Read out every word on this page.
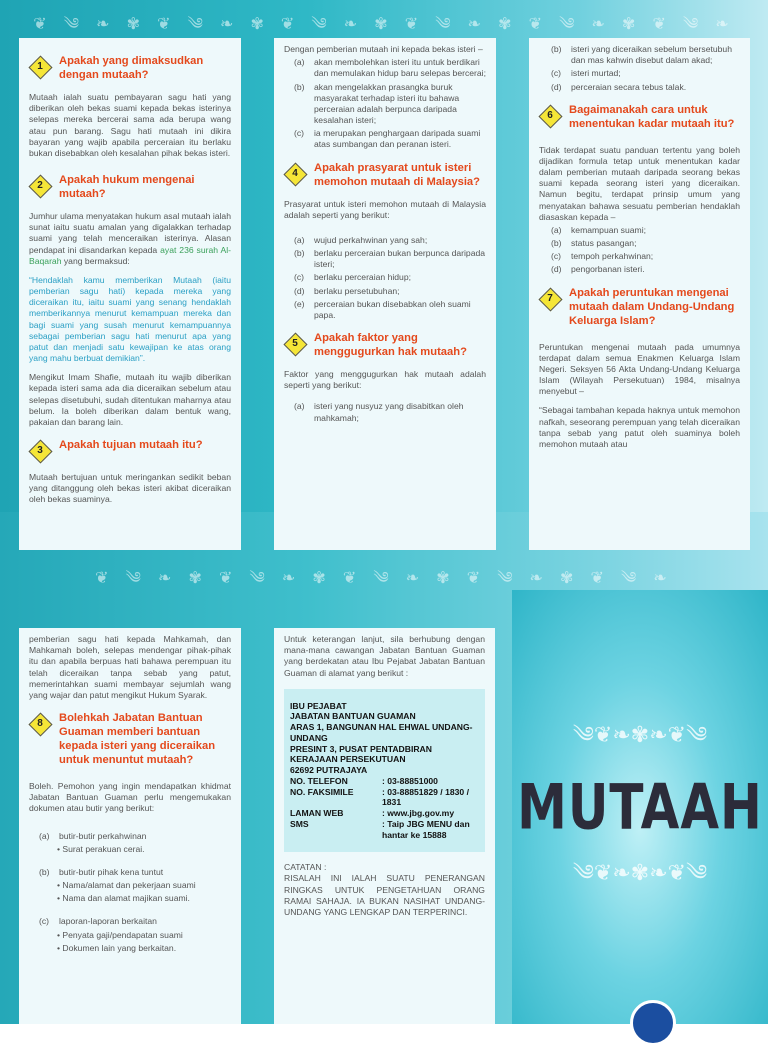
❦ ༄ ❧ ✾ ❦ ༄ ❧ ✾ ❦ ༄ ❧ ✾ ❦ ༄ ❧ ✾ ❦ ༄ ❧ ✾ ❦ ༄ ❧
❦ ༄ ❧ ✾ ❦ ༄ ❧ ✾ ❦ ༄ ❧ ✾ ❦ ༄ ❧ ✾ ❦ ༄ ❧
1	Apakah yang dimaksudkan dengan mutaah?

Mutaah ialah suatu pembayaran sagu hati yang diberikan oleh bekas suami kepada bekas isterinya selepas mereka bercerai sama ada berupa wang atau pun barang. Sagu hati mutaah ini dikira bayaran yang wajib apabila perceraian itu berlaku bukan disebabkan oleh kesalahan pihak bekas isteri.

2	Apakah hukum mengenai mutaah?

Jumhur ulama menyatakan hukum asal mutaah ialah sunat iaitu suatu amalan yang digalakkan terhadap suami yang telah menceraikan isterinya. Alasan pendapat ini disandarkan kepada ayat 236 surah Al-Baqarah yang bermaksud:

“Hendaklah kamu memberikan Mutaah (iaitu pemberian sagu hati) kepada mereka yang diceraikan itu, iaitu suami yang senang hendaklah memberikannya menurut kemampuan mereka dan bagi suami yang susah menurut kemampuannya sebagai pemberian sagu hati menurut apa yang patut dan menjadi satu kewajipan ke atas orang yang mahu berbuat demikian”.

Mengikut Imam Shafie, mutaah itu wajib diberikan kepada isteri sama ada dia diceraikan sebelum atau selepas disetubuhi, sudah ditentukan maharnya atau belum. Ia boleh diberikan dalam bentuk wang, pakaian dan barang lain.

3	Apakah tujuan mutaah itu?

Mutaah bertujuan untuk meringankan sedikit beban yang ditanggung oleh bekas isteri akibat diceraikan oleh bekas suaminya.

Dengan pemberian mutaah ini kepada bekas isteri –

(a)	akan membolehkan isteri itu untuk berdikari dan memulakan hidup baru selepas bercerai;
(b)	akan mengelakkan prasangka buruk masyarakat terhadap isteri itu bahawa perceraian adalah berpunca daripada kesalahan isteri;
(c)	ia merupakan penghargaan daripada suami atas sumbangan dan peranan isteri.
4	Apakah prasyarat untuk isteri memohon mutaah di Malaysia?

Prasyarat untuk isteri memohon mutaah di Malaysia adalah seperti yang berikut:

(a)	wujud perkahwinan yang sah;
(b)	berlaku perceraian bukan berpunca daripada isteri;
(c)	berlaku perceraian hidup;
(d)	berlaku persetubuhan;
(e)	perceraian bukan disebabkan oleh suami papa.
5	Apakah faktor yang menggugurkan hak mutaah?

Faktor yang menggugurkan hak mutaah adalah seperti yang berikut:

(a)	isteri yang nusyuz yang disabitkan oleh mahkamah;
(b)	isteri yang diceraikan sebelum bersetubuh dan mas kahwin disebut dalam akad;
(c)	isteri murtad;
(d)	perceraian secara tebus talak.
6	Bagaimanakah cara untuk menentukan kadar mutaah itu?

Tidak terdapat suatu panduan tertentu yang boleh dijadikan formula tetap untuk menentukan kadar dalam pemberian mutaah daripada seorang bekas suami kepada seorang isteri yang diceraikan. Namun begitu, terdapat prinsip umum yang menyatakan bahawa sesuatu pemberian hendaklah diasaskan kepada –

(a)	kemampuan suami;
(b)	status pasangan;
(c)	tempoh perkahwinan;
(d)	pengorbanan isteri.
7	Apakah peruntukan mengenai mutaah dalam Undang-Undang Keluarga Islam?

Peruntukan mengenai mutaah pada umumnya terdapat dalam semua Enakmen Keluarga Islam Negeri. Seksyen 56 Akta Undang-Undang Keluarga Islam (Wilayah Persekutuan) 1984, misalnya menyebut –

“Sebagai tambahan kepada haknya untuk memohon nafkah, seseorang perempuan yang telah diceraikan tanpa sebab yang patut oleh suaminya boleh memohon mutaah atau

pemberian sagu hati kepada Mahkamah, dan Mahkamah boleh, selepas mendengar pihak-pihak itu dan apabila berpuas hati bahawa perempuan itu telah diceraikan tanpa sebab yang patut, memerintahkan suami membayar sejumlah wang yang wajar dan patut mengikut Hukum Syarak.

8	Bolehkah Jabatan Bantuan Guaman memberi bantuan kepada isteri yang diceraikan untuk menuntut mutaah?

Boleh. Pemohon yang ingin mendapatkan khidmat Jabatan Bantuan Guaman perlu mengemukakan dokumen atau butir yang berikut:

(a)	butir-butir perkahwinan
• Surat perakuan cerai.
(b)	butir-butir pihak kena tuntut
• Nama/alamat dan pekerjaan suami
• Nama dan alamat majikan suami.
(c)	laporan-laporan berkaitan
• Penyata gaji/pendapatan suami
• Dokumen lain yang berkaitan.

Untuk keterangan lanjut, sila berhubung dengan mana-mana cawangan Jabatan Bantuan Guaman yang berdekatan atau Ibu Pejabat Jabatan Bantuan Guaman di alamat yang berikut :

IBU PEJABAT
JABATAN BANTUAN GUAMAN
ARAS 1, BANGUNAN HAL EHWAL UNDANG-UNDANG
PRESINT 3, PUSAT PENTADBIRAN KERAJAAN PERSEKUTUAN
62692 PUTRAJAYA
NO. TELEFON	: 03-88851000
NO. FAKSIMILE	: 03-88851829 / 1830 / 1831
LAMAN WEB	: www.jbg.gov.my
SMS	: Taip JBG MENU dan hantar ke 15888
CATATAN :

RISALAH INI IALAH SUATU PENERANGAN RINGKAS UNTUK PENGETAHUAN ORANG RAMAI SAHAJA. IA BUKAN NASIHAT UNDANG-UNDANG YANG LENGKAP DAN TERPERINCI.

༄❦❧✾❧❦༄
MUTAAH
༄❦❧✾❧❦༄
